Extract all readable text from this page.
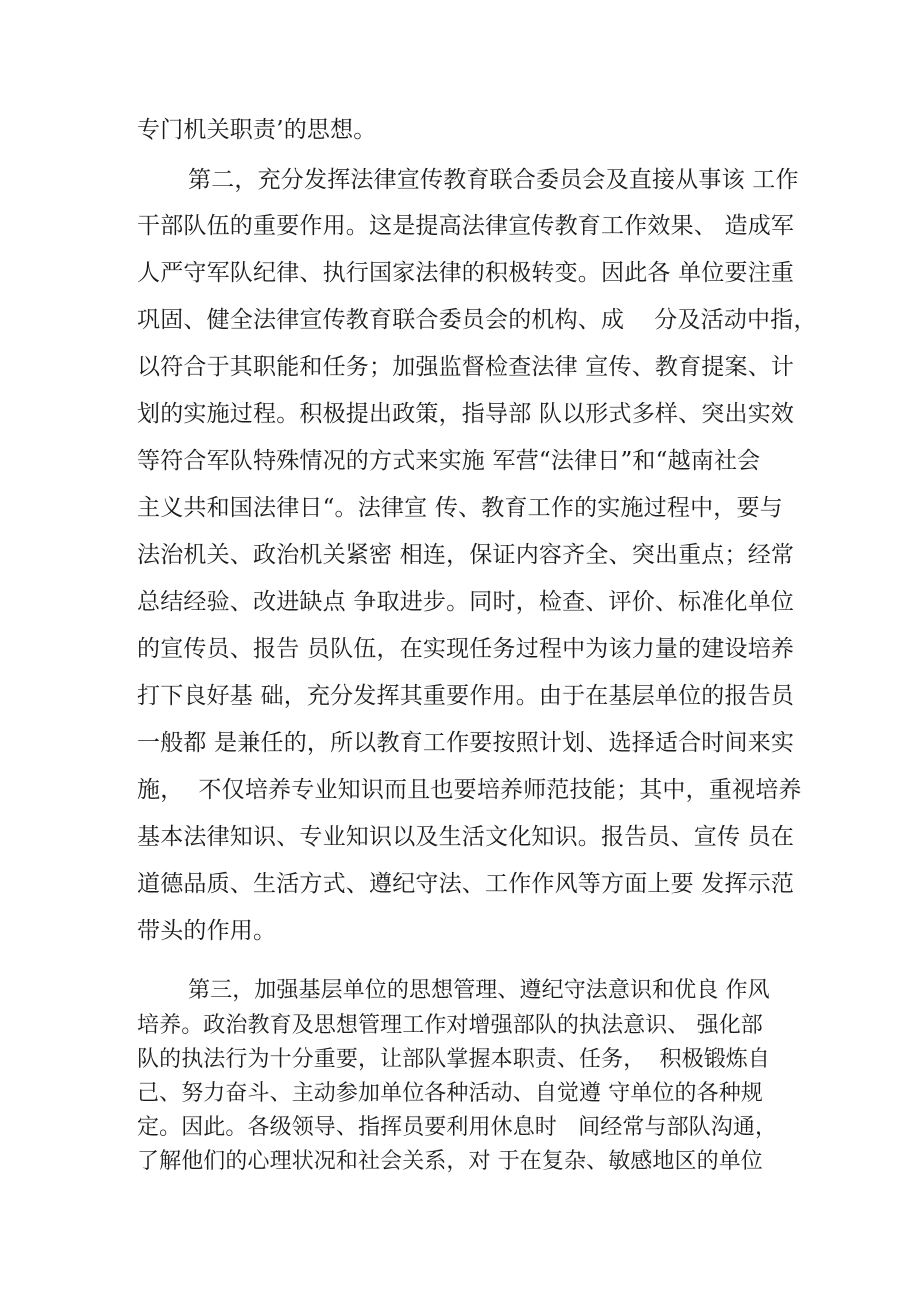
专门机关职责’的思想。
第二，充分发挥法律宣传教育联合委员会及直接从事该 工作
干部队伍的重要作用。这是提高法律宣传教育工作效果、 造成军
人严守军队纪律、执行国家法律的积极转变。因此各 单位要注重
巩固、健全法律宣传教育联合委员会的机构、成    分及活动中指，
以符合于其职能和任务；加强监督检查法律 宣传、教育提案、计
划的实施过程。积极提出政策，指导部 队以形式多样、突出实效
等符合军队特殊情况的方式来实施 军营“法律日”和“越南社会
主义共和国法律日“。法律宣 传、教育工作的实施过程中，要与
法治机关、政治机关紧密 相连，保证内容齐全、突出重点；经常
总结经验、改进缺点 争取进步。同时，检查、评价、标准化单位
的宣传员、报告 员队伍，在实现任务过程中为该力量的建设培养
打下良好基 础，充分发挥其重要作用。由于在基层单位的报告员
一般都 是兼任的，所以教育工作要按照计划、选择适合时间来实
施，  不仅培养专业知识而且也要培养师范技能；其中，重视培养
基本法律知识、专业知识以及生活文化知识。报告员、宣传 员在
道德品质、生活方式、遵纪守法、工作作风等方面上要 发挥示范
带头的作用。
第三，加强基层单位的思想管理、遵纪守法意识和优良 作风
培养。政治教育及思想管理工作对增强部队的执法意识、 强化部
队的执法行为十分重要，让部队掌握本职责、任务，  积极锻炼自
己、努力奋斗、主动参加单位各种活动、自觉遵 守单位的各种规
定。因此。各级领导、指挥员要利用休息时   间经常与部队沟通，
了解他们的心理状况和社会关系，对 于在复杂、敏感地区的单位
